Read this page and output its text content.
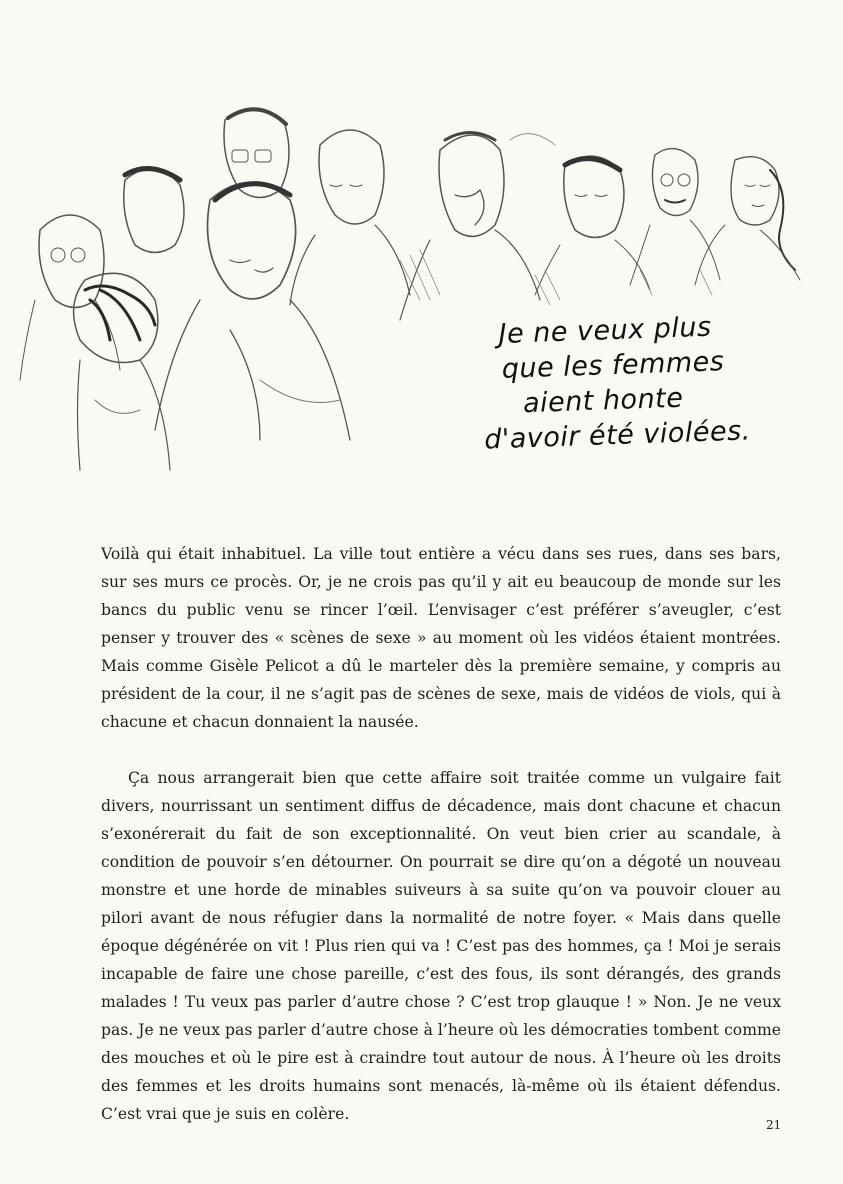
Je ne veux plus
que les femmes
aient honte
d'avoir été violées.

Voilà qui était inhabituel. La ville tout entière a vécu dans ses rues, dans ses bars, sur ses murs ce procès. Or, je ne crois pas qu’il y ait eu beaucoup de monde sur les bancs du public venu se rincer l’œil. L’envisager c’est préférer s’aveugler, c’est penser y trouver des « scènes de sexe » au moment où les vidéos étaient montrées. Mais comme Gisèle Pelicot a dû le marteler dès la première semaine, y compris au président de la cour, il ne s’agit pas de scènes de sexe, mais de vidéos de viols, qui à chacune et chacun donnaient la nausée.

Ça nous arrangerait bien que cette affaire soit traitée comme un vulgaire fait divers, nourrissant un sentiment diffus de décadence, mais dont chacune et chacun s’exonérerait du fait de son exceptionnalité. On veut bien crier au scandale, à condition de pouvoir s’en détourner. On pourrait se dire qu’on a dégoté un nouveau monstre et une horde de minables suiveurs à sa suite qu’on va pouvoir clouer au pilori avant de nous réfugier dans la normalité de notre foyer. « Mais dans quelle époque dégénérée on vit ! Plus rien qui va ! C’est pas des hommes, ça ! Moi je serais incapable de faire une chose pareille, c’est des fous, ils sont dérangés, des grands malades ! Tu veux pas parler d’autre chose ? C’est trop glauque ! » Non. Je ne veux pas. Je ne veux pas parler d’autre chose à l’heure où les démocraties tombent comme des mouches et où le pire est à craindre tout autour de nous. À l’heure où les droits des femmes et les droits humains sont menacés, là-même où ils étaient défendus. C’est vrai que je suis en colère.

21
